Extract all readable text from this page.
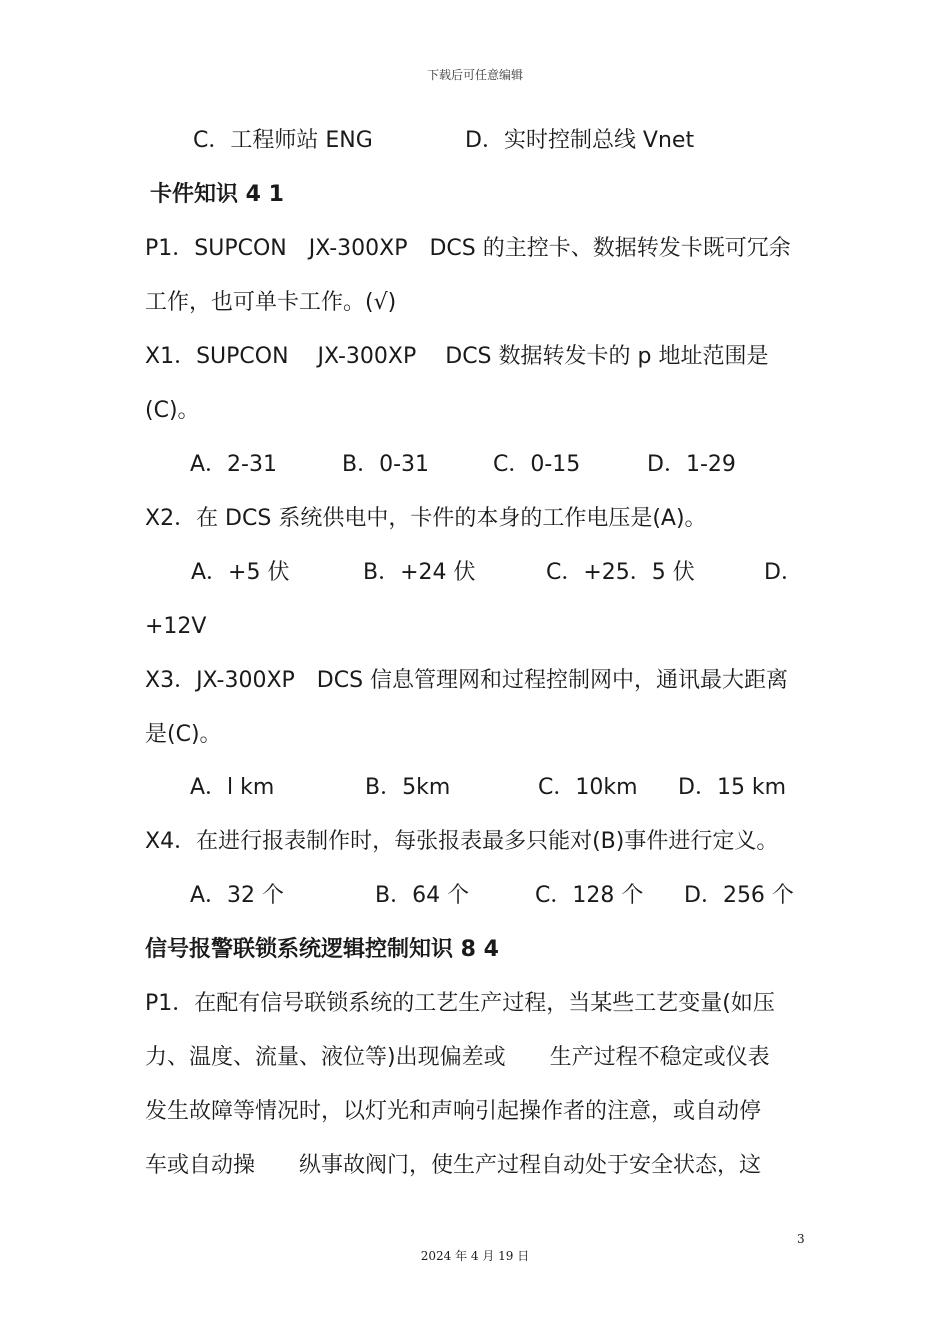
下载后可任意编辑
C．工程师站 ENG	D．实时控制总线 Vnet
卡件知识 4 1
P1．SUPCON　JX-300XP　DCS 的主控卡、数据转发卡既可冗余
工作，也可单卡工作。(√)
X1．SUPCON　 JX-300XP　 DCS 数据转发卡的 p 地址范围是
(C)。
A．2-31	B．0-31	C．0-15	D．1-29
X2．在 DCS 系统供电中，卡件的本身的工作电压是(A)。
A．+5 伏	B．+24 伏	C．+25．5 伏	D．
+12V
X3．JX-300XP　DCS 信息管理网和过程控制网中，通讯最大距离
是(C)。
A．l km	B．5km	C．10km D．15 km
X4．在进行报表制作时，每张报表最多只能对(B)事件进行定义。
A．32 个	B．64 个	C．128 个 D．256 个
信号报警联锁系统逻辑控制知识 8 4
P1．在配有信号联锁系统的工艺生产过程，当某些工艺变量(如压
力、温度、流量、液位等)出现偏差或　　生产过程不稳定或仪表
发生故障等情况时，以灯光和声响引起操作者的注意，或自动停
车或自动操　　纵事故阀门，使生产过程自动处于安全状态，这
3
2024 年 4 月 19 日
